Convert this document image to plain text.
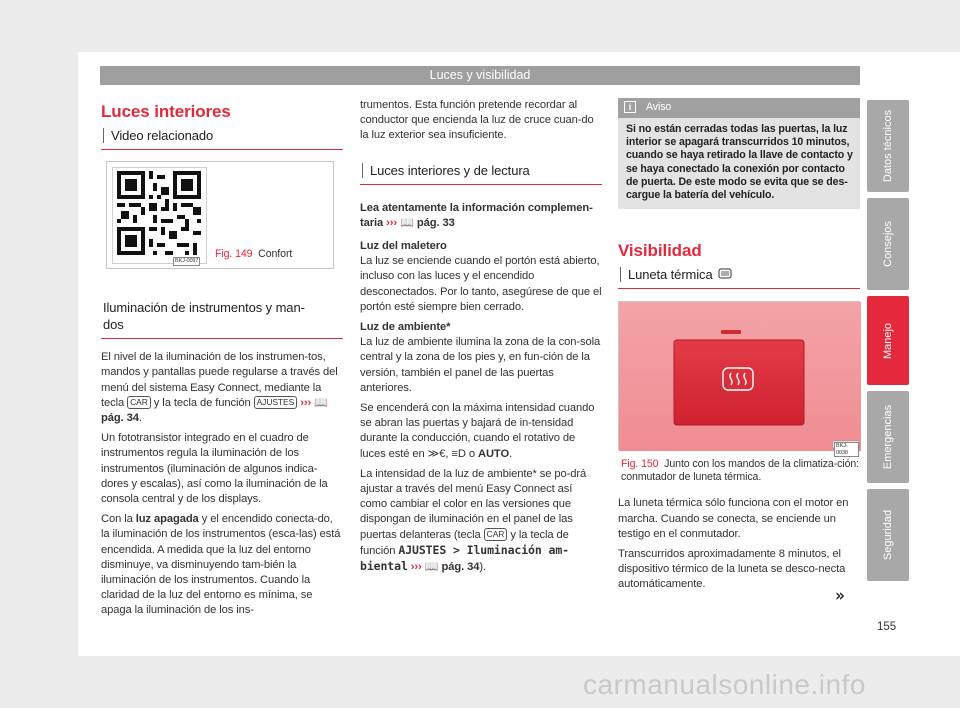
Luces y visibilidad
Luces interiores
Video relacionado
BKJ-0097
Fig. 149 Confort
Iluminación de instrumentos y man-
dos

El nivel de la iluminación de los instrumen-tos, mandos y pantallas puede regularse a través del menú del sistema Easy Connect, mediante la tecla CAR y la tecla de función AJUSTES ››› 📖 pág. 34.

Un fototransistor integrado en el cuadro de instrumentos regula la iluminación de los instrumentos (iluminación de algunos indica-dores y escalas), así como la iluminación de la consola central y de los displays.

Con la luz apagada y el encendido conecta-do, la iluminación de los instrumentos (esca-las) está encendida. A medida que la luz del entorno disminuye, va disminuyendo tam-bién la iluminación de los instrumentos. Cuando la claridad de la luz del entorno es mínima, se apaga la iluminación de los ins-

trumentos. Esta función pretende recordar al conductor que encienda la luz de cruce cuan-do la luz exterior sea insuficiente.

Luces interiores y de lectura

Lea atentamente la información complemen-taria ››› 📖 pág. 33

Luz del maletero

La luz se enciende cuando el portón está abierto, incluso con las luces y el encendido desconectados. Por lo tanto, asegúrese de que el portón esté siempre bien cerrado.

Luz de ambiente*

La luz de ambiente ilumina la zona de la con-sola central y la zona de los pies y, en fun-ción de la versión, también el panel de las puertas anteriores.

Se encenderá con la máxima intensidad cuando se abran las puertas y bajará de in-tensidad durante la conducción, cuando el rotativo de luces esté en ≫€, ≡D o AUTO.

La intensidad de la luz de ambiente* se po-drá ajustar a través del menú Easy Connect así como cambiar el color en las versiones que dispongan de iluminación en el panel de las puertas delanteras (tecla CAR y la tecla de función AJUSTES > Iluminación am-biental ››› 📖 pág. 34).

i Aviso
Si no están cerradas todas las puertas, la luz interior se apagará transcurridos 10 minutos, cuando se haya retirado la llave de contacto y se haya conectado la conexión por contacto de puerta. De este modo se evita que se des-cargue la batería del vehículo.
Visibilidad
Luneta térmica
BKJ-0038

Fig. 150 Junto con los mandos de la climatiza-ción: conmutador de luneta térmica.

La luneta térmica sólo funciona con el motor en marcha. Cuando se conecta, se enciende un testigo en el conmutador.

Transcurridos aproximadamente 8 minutos, el dispositivo térmico de la luneta se desco-necta automáticamente.

»
Datos técnicos
Consejos
Manejo
Emergencias
Seguridad
155
carmanualsonline.info
